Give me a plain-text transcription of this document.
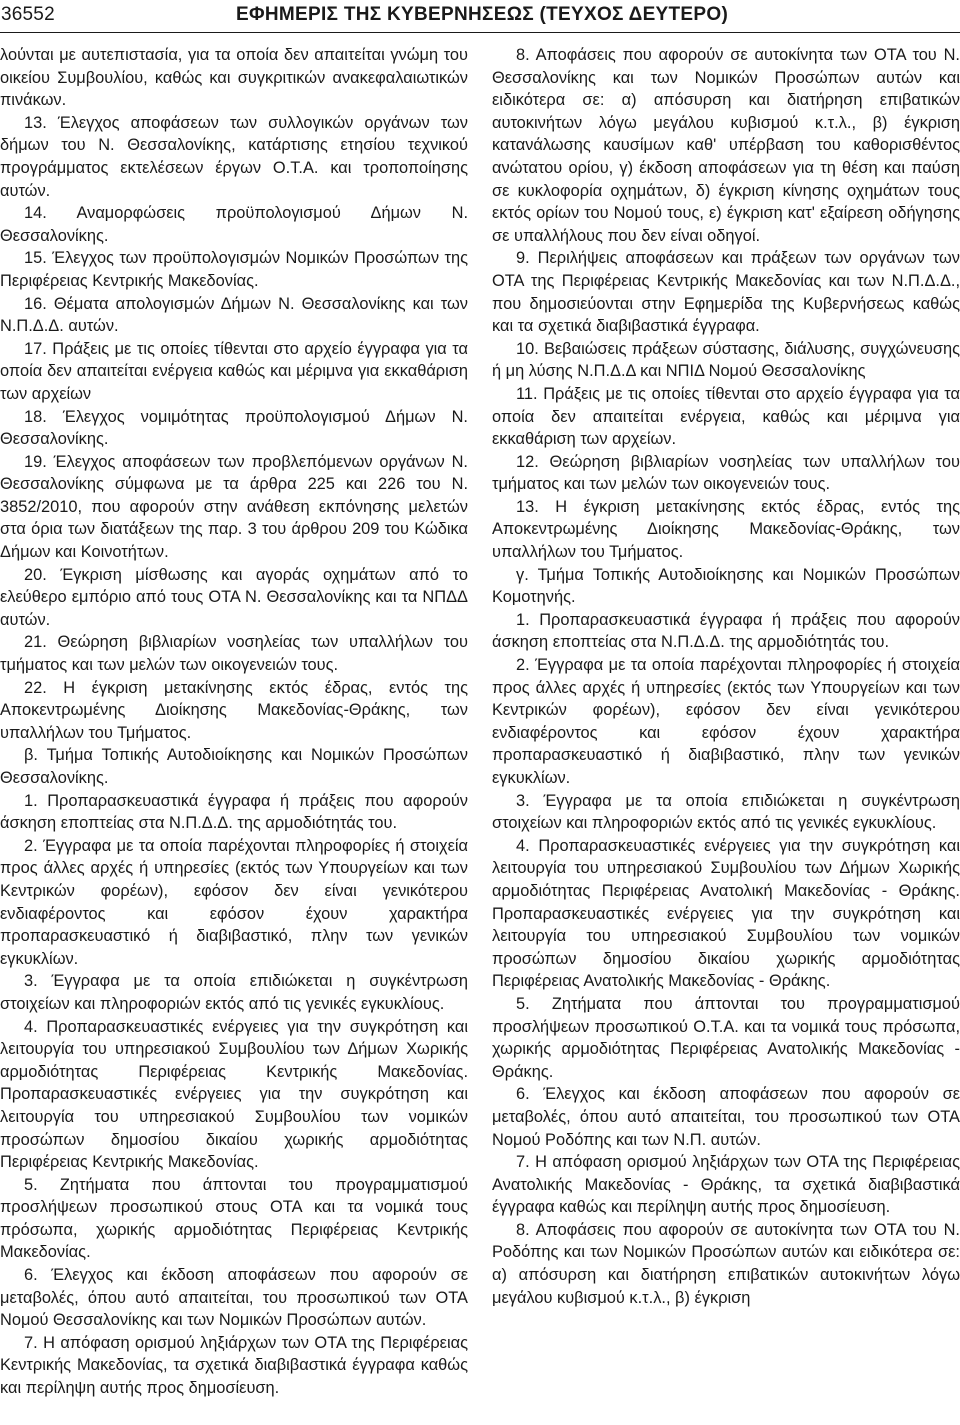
36552	ΕΦΗΜΕΡΙΣ ΤΗΣ ΚΥΒΕΡΝΗΣΕΩΣ (ΤΕΥΧΟΣ ΔΕΥΤΕΡΟ)

λούνται με αυτεπιστασία, για τα οποία δεν απαιτείται γνώμη του οικείου Συμβουλίου, καθώς και συγκριτικών ανακεφαλαιωτικών πινάκων.

13. Έλεγχος αποφάσεων των συλλογικών οργάνων των δήμων του Ν. Θεσσαλονίκης, κατάρτισης ετησίου τεχνικού προγράμματος εκτελέσεων έργων Ο.Τ.Α. και τροποποίησης αυτών.

14. Αναμορφώσεις προϋπολογισμού Δήμων Ν. Θεσσαλονίκης.

15. Έλεγχος των προϋπολογισμών Νομικών Προσώπων της Περιφέρειας Κεντρικής Μακεδονίας.

16. Θέματα απολογισμών Δήμων Ν. Θεσσαλονίκης και των Ν.Π.Δ.Δ. αυτών.

17. Πράξεις με τις οποίες τίθενται στο αρχείο έγγραφα για τα οποία δεν απαιτείται ενέργεια καθώς και μέριμνα για εκκαθάριση των αρχείων

18. Έλεγχος νομιμότητας προϋπολογισμού Δήμων Ν. Θεσσαλονίκης.

19. Έλεγχος αποφάσεων των προβλεπόμενων οργάνων Ν. Θεσσαλονίκης σύμφωνα με τα άρθρα 225 και 226 του Ν. 3852/2010, που αφορούν στην ανάθεση εκπόνησης μελετών στα όρια των διατάξεων της παρ. 3 του άρθρου 209 του Κώδικα Δήμων και Κοινοτήτων.

20. Έγκριση μίσθωσης και αγοράς οχημάτων από το ελεύθερο εμπόριο από τους ΟΤΑ Ν. Θεσσαλονίκης και τα ΝΠΔΔ αυτών.

21. Θεώρηση βιβλιαρίων νοσηλείας των υπαλλήλων του τμήματος και των μελών των οικογενειών τους.

22. Η έγκριση μετακίνησης εκτός έδρας, εντός της Αποκεντρωμένης Διοίκησης Μακεδονίας-Θράκης, των υπαλλήλων του Τμήματος.

β. Τμήμα Τοπικής Αυτοδιοίκησης και Νομικών Προσώπων Θεσσαλονίκης.

1. Προπαρασκευαστικά έγγραφα ή πράξεις που αφορούν άσκηση εποπτείας στα Ν.Π.Δ.Δ. της αρμοδιότητάς του.

2. Έγγραφα με τα οποία παρέχονται πληροφορίες ή στοιχεία προς άλλες αρχές ή υπηρεσίες (εκτός των Υπουργείων και των Κεντρικών φορέων), εφόσον δεν είναι γενικότερου ενδιαφέροντος και εφόσον έχουν χαρακτήρα προπαρασκευαστικό ή διαβιβαστικό, πλην των γενικών εγκυκλίων.

3. Έγγραφα με τα οποία επιδιώκεται η συγκέντρωση στοιχείων και πληροφοριών εκτός από τις γενικές εγκυκλίους.

4. Προπαρασκευαστικές ενέργειες για την συγκρότηση και λειτουργία του υπηρεσιακού Συμβουλίου των Δήμων Χωρικής αρμοδιότητας Περιφέρειας Κεντρικής Μακεδονίας. Προπαρασκευαστικές ενέργειες για την συγκρότηση και λειτουργία του υπηρεσιακού Συμβουλίου των νομικών προσώπων δημοσίου δικαίου χωρικής αρμοδιότητας Περιφέρειας Κεντρικής Μακεδονίας.

5. Ζητήματα που άπτονται του προγραμματισμού προσλήψεων προσωπικού στους ΟΤΑ και τα νομικά τους πρόσωπα, χωρικής αρμοδιότητας Περιφέρειας Κεντρικής Μακεδονίας.

6. Έλεγχος και έκδοση αποφάσεων που αφορούν σε μεταβολές, όπου αυτό απαιτείται, του προσωπικού των ΟΤΑ Νομού Θεσσαλονίκης και των Νομικών Προσώπων αυτών.

7. Η απόφαση ορισμού ληξιάρχων των ΟΤΑ της Περιφέρειας Κεντρικής Μακεδονίας, τα σχετικά διαβιβαστικά έγγραφα καθώς και περίληψη αυτής προς δημοσίευση.

8. Αποφάσεις που αφορούν σε αυτοκίνητα των ΟΤΑ του Ν. Θεσσαλονίκης και των Νομικών Προσώπων αυτών και ειδικότερα σε: α) απόσυρση και διατήρηση επιβατικών αυτοκινήτων λόγω μεγάλου κυβισμού κ.τ.λ., β) έγκριση κατανάλωσης καυσίμων καθ' υπέρβαση του καθορισθέντος ανώτατου ορίου, γ) έκδοση αποφάσεων για τη θέση και παύση σε κυκλοφορία οχημάτων, δ) έγκριση κίνησης οχημάτων τους εκτός ορίων του Νομού τους, ε) έγκριση κατ' εξαίρεση οδήγησης σε υπαλλήλους που δεν είναι οδηγοί.

9. Περιλήψεις αποφάσεων και πράξεων των οργάνων των ΟΤΑ της Περιφέρειας Κεντρικής Μακεδονίας και των Ν.Π.Δ.Δ., που δημοσιεύονται στην Εφημερίδα της Κυβερνήσεως καθώς και τα σχετικά διαβιβαστικά έγγραφα.

10. Βεβαιώσεις πράξεων σύστασης, διάλυσης, συγχώνευσης ή μη λύσης Ν.Π.Δ.Δ και ΝΠΙΔ Νομού Θεσσαλονίκης

11. Πράξεις με τις οποίες τίθενται στο αρχείο έγγραφα για τα οποία δεν απαιτείται ενέργεια, καθώς και μέριμνα για εκκαθάριση των αρχείων.

12. Θεώρηση βιβλιαρίων νοσηλείας των υπαλλήλων του τμήματος και των μελών των οικογενειών τους.

13. Η έγκριση μετακίνησης εκτός έδρας, εντός της Αποκεντρωμένης Διοίκησης Μακεδονίας-Θράκης, των υπαλλήλων του Τμήματος.

γ. Τμήμα Τοπικής Αυτοδιοίκησης και Νομικών Προσώπων Κομοτηνής.

1. Προπαρασκευαστικά έγγραφα ή πράξεις που αφορούν άσκηση εποπτείας στα Ν.Π.Δ.Δ. της αρμοδιότητάς του.

2. Έγγραφα με τα οποία παρέχονται πληροφορίες ή στοιχεία προς άλλες αρχές ή υπηρεσίες (εκτός των Υπουργείων και των Κεντρικών φορέων), εφόσον δεν είναι γενικότερου ενδιαφέροντος και εφόσον έχουν χαρακτήρα προπαρασκευαστικό ή διαβιβαστικό, πλην των γενικών εγκυκλίων.

3. Έγγραφα με τα οποία επιδιώκεται η συγκέντρωση στοιχείων και πληροφοριών εκτός από τις γενικές εγκυκλίους.

4. Προπαρασκευαστικές ενέργειες για την συγκρότηση και λειτουργία του υπηρεσιακού Συμβουλίου των Δήμων Χωρικής αρμοδιότητας Περιφέρειας Ανατολική Μακεδονίας - Θράκης. Προπαρασκευαστικές ενέργειες για την συγκρότηση και λειτουργία του υπηρεσιακού Συμβουλίου των νομικών προσώπων δημοσίου δικαίου χωρικής αρμοδιότητας Περιφέρειας Ανατολικής Μακεδονίας - Θράκης.

5. Ζητήματα που άπτονται του προγραμματισμού προσλήψεων προσωπικού Ο.Τ.Α. και τα νομικά τους πρόσωπα, χωρικής αρμοδιότητας Περιφέρειας Ανατολικής Μακεδονίας - Θράκης.

6. Έλεγχος και έκδοση αποφάσεων που αφορούν σε μεταβολές, όπου αυτό απαιτείται, του προσωπικού των ΟΤΑ Νομού Ροδόπης και των Ν.Π. αυτών.

7. Η απόφαση ορισμού ληξιάρχων των ΟΤΑ της Περιφέρειας Ανατολικής Μακεδονίας - Θράκης, τα σχετικά διαβιβαστικά έγγραφα καθώς και περίληψη αυτής προς δημοσίευση.

8. Αποφάσεις που αφορούν σε αυτοκίνητα των ΟΤΑ του Ν. Ροδόπης και των Νομικών Προσώπων αυτών και ειδικότερα σε: α) απόσυρση και διατήρηση επιβατικών αυτοκινήτων λόγω μεγάλου κυβισμού κ.τ.λ., β) έγκριση
